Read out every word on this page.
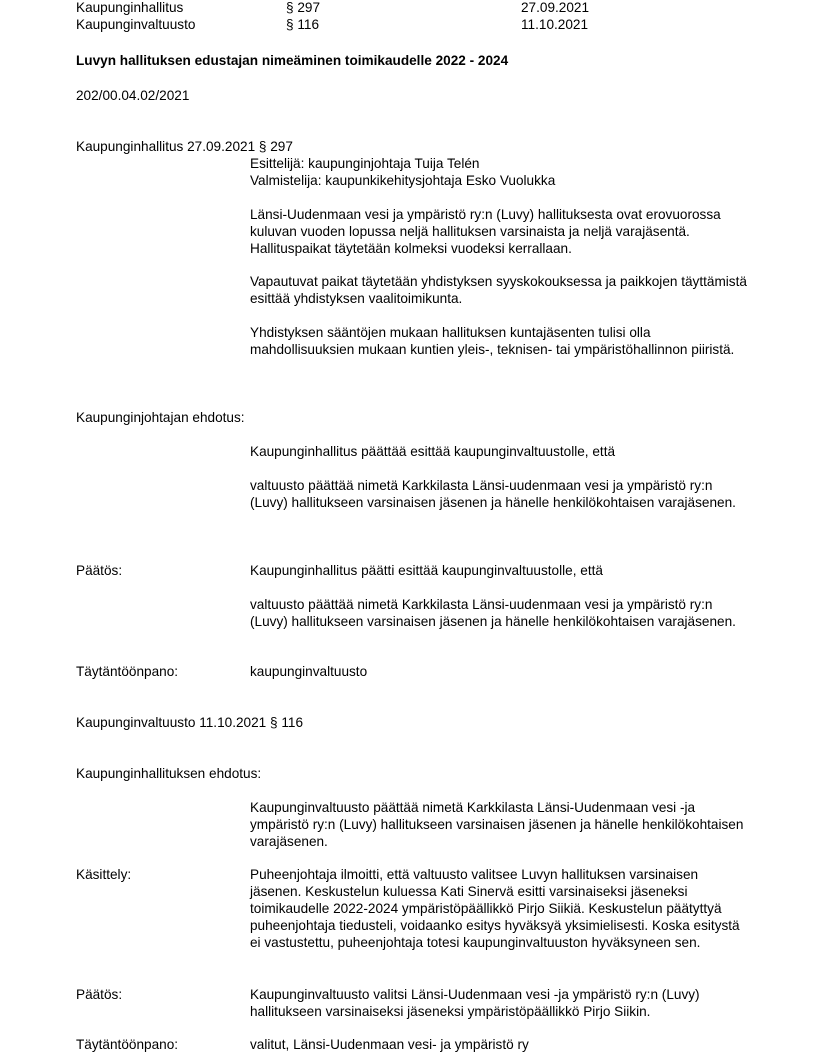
Kaupunginhallitus	§ 297	27.09.2021
Kaupunginvaltuusto	§ 116	11.10.2021
Luvyn hallituksen edustajan nimeäminen toimikaudelle 2022 - 2024
202/00.04.02/2021
Kaupunginhallitus 27.09.2021 § 297
Esittelijä: kaupunginjohtaja Tuija Telén
Valmistelija: kaupunkikehitysjohtaja Esko Vuolukka
Länsi-Uudenmaan vesi ja ympäristö ry:n (Luvy) hallituksesta ovat erovuorossa kuluvan vuoden lopussa neljä hallituksen varsinaista ja neljä varajäsentä. Hallituspaikat täytetään kolmeksi vuodeksi kerrallaan.
Vapautuvat paikat täytetään yhdistyksen syyskokouksessa ja paikkojen täyttämistä esittää yhdistyksen vaalitoimikunta.
Yhdistyksen sääntöjen mukaan hallituksen kuntajäsenten tulisi olla mahdollisuuksien mukaan kuntien yleis-, teknisen- tai ympäristöhallinnon piiristä.
Kaupunginjohtajan ehdotus:
Kaupunginhallitus päättää esittää kaupunginvaltuustolle, että
valtuusto päättää nimetä Karkkilasta Länsi-uudenmaan vesi ja ympäristö ry:n (Luvy) hallitukseen varsinaisen jäsenen ja hänelle henkilökohtaisen varajäsenen.
Päätös:	Kaupunginhallitus päätti esittää kaupunginvaltuustolle, että
valtuusto päättää nimetä Karkkilasta Länsi-uudenmaan vesi ja ympäristö ry:n (Luvy) hallitukseen varsinaisen jäsenen ja hänelle henkilökohtaisen varajäsenen.
Täytäntöönpano:	kaupunginvaltuusto
Kaupunginvaltuusto 11.10.2021 § 116
Kaupunginhallituksen ehdotus:
Kaupunginvaltuusto päättää nimetä Karkkilasta Länsi-Uudenmaan vesi -ja ympäristö ry:n (Luvy) hallitukseen varsinaisen jäsenen ja hänelle henkilökohtaisen varajäsenen.
Käsittely:	Puheenjohtaja ilmoitti, että valtuusto valitsee Luvyn hallituksen varsinaisen jäsenen. Keskustelun kuluessa Kati Sinervä esitti varsinaiseksi jäseneksi toimikaudelle 2022-2024 ympäristöpäällikkö Pirjo Siikiä. Keskustelun päätyttyä puheenjohtaja tiedusteli, voidaanko esitys hyväksyä yksimielisesti. Koska esitystä ei vastustettu, puheenjohtaja totesi kaupunginvaltuuston hyväksyneen sen.
Päätös:	Kaupunginvaltuusto valitsi Länsi-Uudenmaan vesi -ja ympäristö ry:n (Luvy) hallitukseen varsinaiseksi jäseneksi ympäristöpäällikkö Pirjo Siikin.
Täytäntöönpano:	valitut, Länsi-Uudenmaan vesi- ja ympäristö ry
